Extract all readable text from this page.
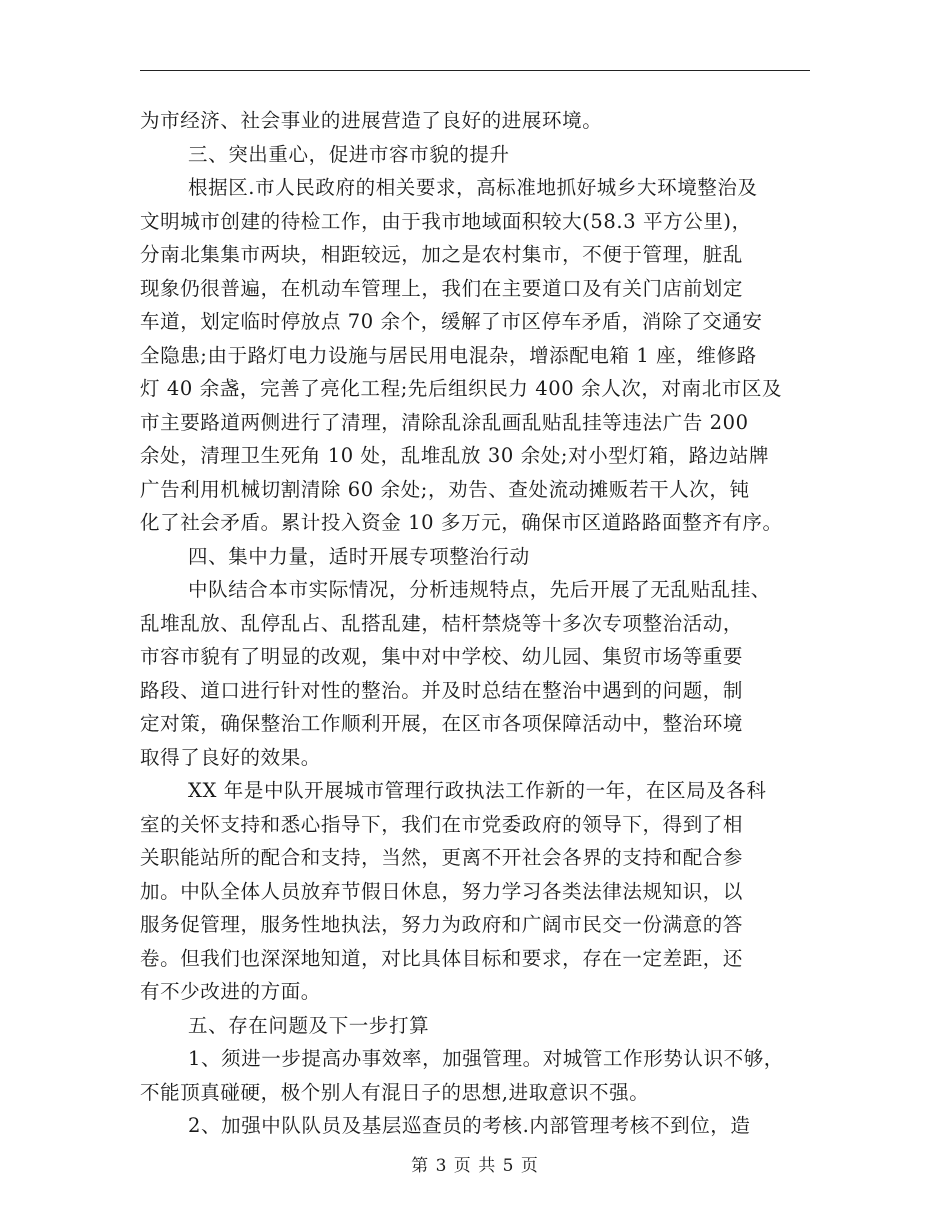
为市经济、社会事业的进展营造了良好的进展环境。
三、突出重心，促进市容市貌的提升
根据区.市人民政府的相关要求，高标准地抓好城乡大环境整治及
文明城市创建的待检工作，由于我市地域面积较大(58.3 平方公里)，
分南北集集市两块，相距较远，加之是农村集市，不便于管理，脏乱
现象仍很普遍，在机动车管理上，我们在主要道口及有关门店前划定
车道，划定临时停放点 70 余个，缓解了市区停车矛盾，消除了交通安
全隐患;由于路灯电力设施与居民用电混杂，增添配电箱 1 座，维修路
灯 40 余盏，完善了亮化工程;先后组织民力 400 余人次，对南北市区及
市主要路道两侧进行了清理，清除乱涂乱画乱贴乱挂等违法广告 200
余处，清理卫生死角 10 处，乱堆乱放 30 余处;对小型灯箱，路边站牌
广告利用机械切割清除 60 余处;，劝告、查处流动摊贩若干人次，钝
化了社会矛盾。累计投入资金 10 多万元，确保市区道路路面整齐有序。
四、集中力量，适时开展专项整治行动
中队结合本市实际情况，分析违规特点，先后开展了无乱贴乱挂、
乱堆乱放、乱停乱占、乱搭乱建，桔杆禁烧等十多次专项整治活动，
市容市貌有了明显的改观，集中对中学校、幼儿园、集贸市场等重要
路段、道口进行针对性的整治。并及时总结在整治中遇到的问题，制
定对策，确保整治工作顺利开展，在区市各项保障活动中，整治环境
取得了良好的效果。
XX 年是中队开展城市管理行政执法工作新的一年，在区局及各科
室的关怀支持和悉心指导下，我们在市党委政府的领导下，得到了相
关职能站所的配合和支持，当然，更离不开社会各界的支持和配合参
加。中队全体人员放弃节假日休息，努力学习各类法律法规知识，以
服务促管理，服务性地执法，努力为政府和广阔市民交一份满意的答
卷。但我们也深深地知道，对比具体目标和要求，存在一定差距，还
有不少改进的方面。
五、存在问题及下一步打算
1、须进一步提高办事效率，加强管理。对城管工作形势认识不够，
不能顶真碰硬，极个别人有混日子的思想,进取意识不强。
2、加强中队队员及基层巡查员的考核.内部管理考核不到位，造
第 3 页 共 5 页
